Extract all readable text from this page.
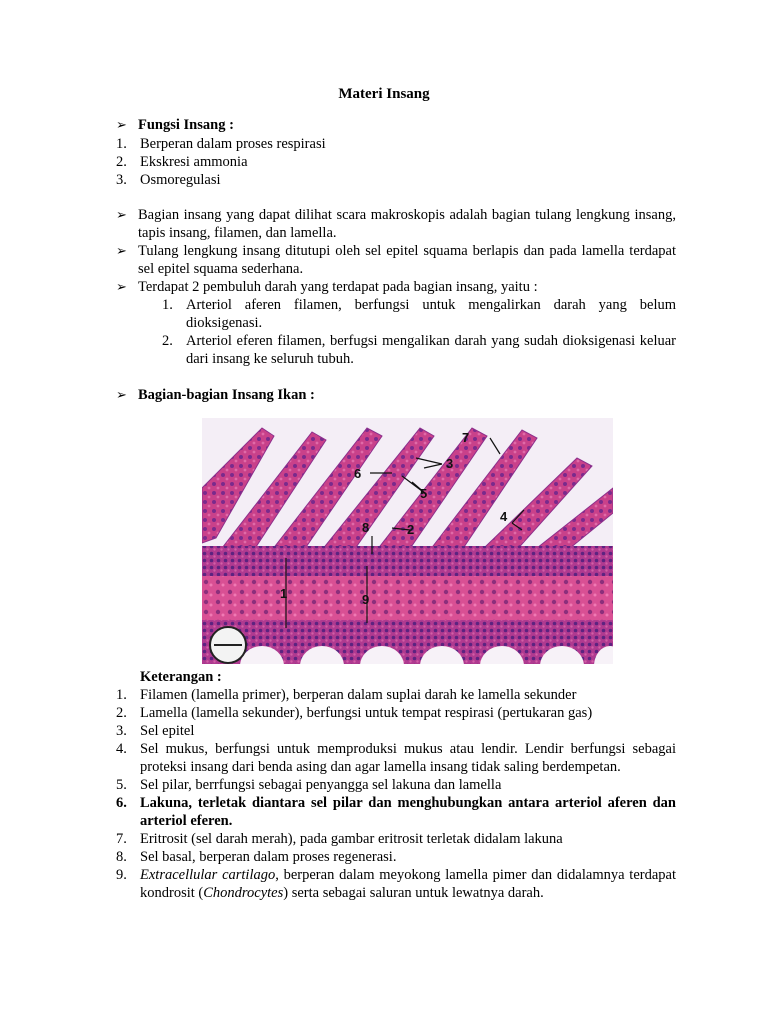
Materi Insang
➢ Fungsi Insang :
1. Berperan dalam proses respirasi
2. Ekskresi ammonia
3. Osmoregulasi
➢ Bagian insang yang dapat dilihat scara makroskopis adalah bagian tulang lengkung insang, tapis insang, filamen, dan lamella.
➢ Tulang lengkung insang ditutupi oleh sel epitel squama berlapis dan pada lamella terdapat sel epitel squama sederhana.
➢ Terdapat 2 pembuluh darah yang terdapat pada bagian insang, yaitu :
1. Arteriol aferen filamen, berfungsi untuk mengalirkan darah yang belum dioksigenasi.
2. Arteriol eferen filamen, berfugsi mengalikan darah yang sudah dioksigenasi keluar dari insang ke seluruh tubuh.
➢ Bagian-bagian Insang Ikan :
7
3
6
5
8	2
4
1	9
Keterangan :
1. Filamen (lamella primer), berperan dalam suplai darah ke lamella sekunder
2. Lamella (lamella sekunder), berfungsi untuk tempat respirasi (pertukaran gas)
3. Sel epitel
4. Sel mukus, berfungsi untuk memproduksi mukus atau lendir. Lendir berfungsi sebagai proteksi insang dari benda asing dan agar lamella insang tidak saling berdempetan.
5. Sel pilar, berrfungsi sebagai penyangga sel lakuna dan lamella
6. Lakuna, terletak diantara sel pilar dan menghubungkan antara arteriol aferen dan arteriol eferen.
7. Eritrosit (sel darah merah), pada gambar eritrosit terletak didalam lakuna
8. Sel basal, berperan dalam proses regenerasi.
9. Extracellular cartilago, berperan dalam meyokong lamella pimer dan didalamnya terdapat kondrosit (Chondrocytes) serta sebagai saluran untuk lewatnya darah.
